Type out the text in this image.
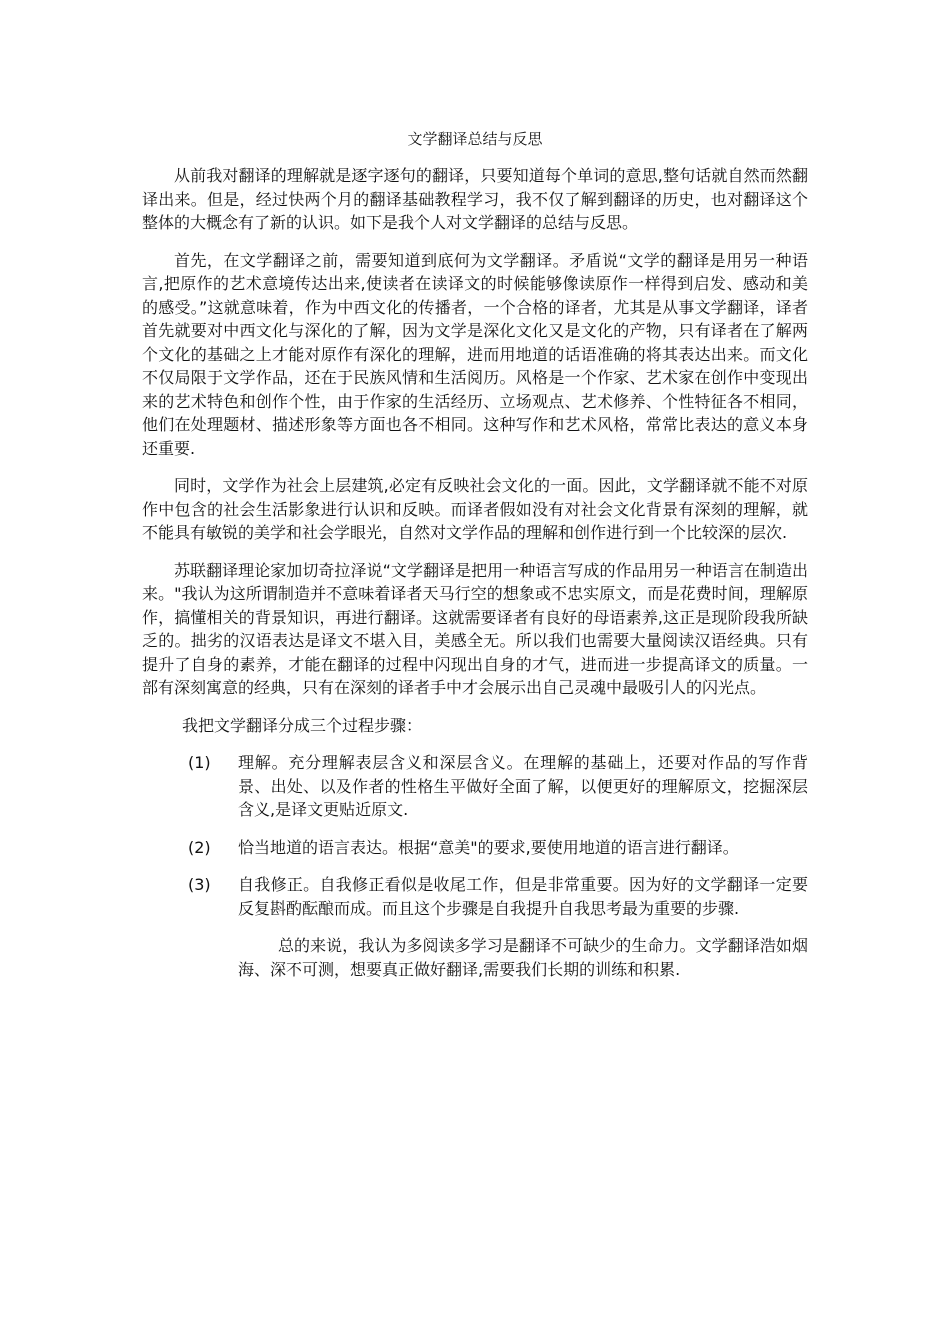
文学翻译总结与反思

从前我对翻译的理解就是逐字逐句的翻译，只要知道每个单词的意思,整句话就自然而然翻译出来。但是，经过快两个月的翻译基础教程学习，我不仅了解到翻译的历史，也对翻译这个整体的大概念有了新的认识。如下是我个人对文学翻译的总结与反思。

首先，在文学翻译之前，需要知道到底何为文学翻译。矛盾说“文学的翻译是用另一种语言,把原作的艺术意境传达出来,使读者在读译文的时候能够像读原作一样得到启发、感动和美的感受。”这就意味着，作为中西文化的传播者，一个合格的译者，尤其是从事文学翻译，译者首先就要对中西文化与深化的了解，因为文学是深化文化又是文化的产物，只有译者在了解两个文化的基础之上才能对原作有深化的理解，进而用地道的话语准确的将其表达出来。而文化不仅局限于文学作品，还在于民族风情和生活阅历。风格是一个作家、艺术家在创作中变现出来的艺术特色和创作个性，由于作家的生活经历、立场观点、艺术修养、个性特征各不相同，他们在处理题材、描述形象等方面也各不相同。这种写作和艺术风格，常常比表达的意义本身还重要.

同时，文学作为社会上层建筑,必定有反映社会文化的一面。因此，文学翻译就不能不对原作中包含的社会生活影象进行认识和反映。而译者假如没有对社会文化背景有深刻的理解，就不能具有敏锐的美学和社会学眼光，自然对文学作品的理解和创作进行到一个比较深的层次.

苏联翻译理论家加切奇拉泽说“文学翻译是把用一种语言写成的作品用另一种语言在制造出来。"我认为这所谓制造并不意味着译者天马行空的想象或不忠实原文，而是花费时间，理解原作，搞懂相关的背景知识，再进行翻译。这就需要译者有良好的母语素养,这正是现阶段我所缺乏的。拙劣的汉语表达是译文不堪入目，美感全无。所以我们也需要大量阅读汉语经典。只有提升了自身的素养，才能在翻译的过程中闪现出自身的才气，进而进一步提高译文的质量。一部有深刻寓意的经典，只有在深刻的译者手中才会展示出自己灵魂中最吸引人的闪光点。

我把文学翻译分成三个过程步骤：

(1) 理解。充分理解表层含义和深层含义。在理解的基础上，还要对作品的写作背景、出处、以及作者的性格生平做好全面了解，以便更好的理解原文，挖掘深层含义,是译文更贴近原文.
(2) 恰当地道的语言表达。根据“意美"的要求,要使用地道的语言进行翻译。
(3) 自我修正。自我修正看似是收尾工作，但是非常重要。因为好的文学翻译一定要反复斟酌酝酿而成。而且这个步骤是自我提升自我思考最为重要的步骤.

总的来说，我认为多阅读多学习是翻译不可缺少的生命力。文学翻译浩如烟海、深不可测，想要真正做好翻译,需要我们长期的训练和积累.
